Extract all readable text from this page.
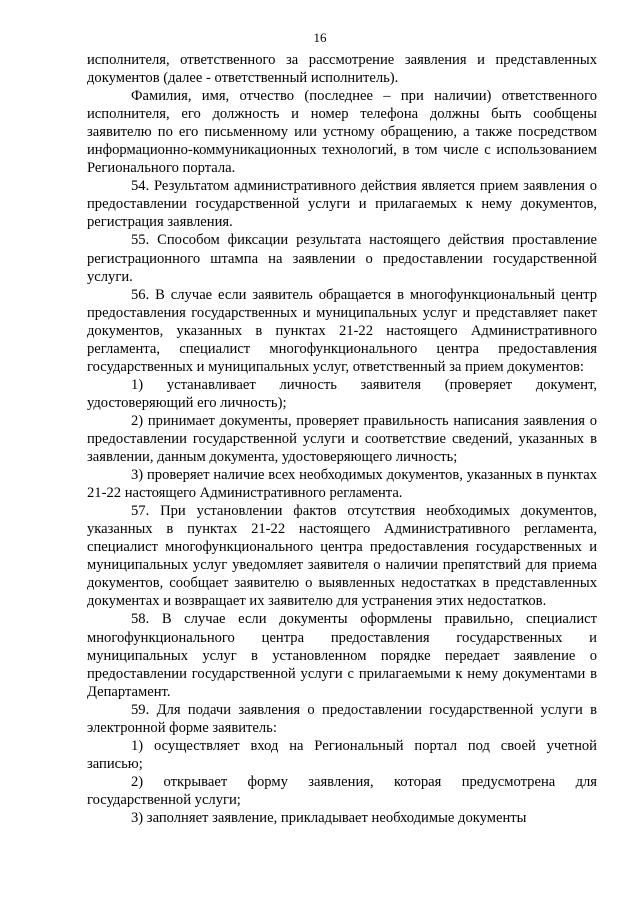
16

исполнителя, ответственного за рассмотрение заявления и представленных документов (далее - ответственный исполнитель).

Фамилия, имя, отчество (последнее – при наличии) ответственного исполнителя, его должность и номер телефона должны быть сообщены заявителю по его письменному или устному обращению, а также посредством информационно-коммуникационных технологий, в том числе с использованием Регионального портала.

54. Результатом административного действия является прием заявления о предоставлении государственной услуги и прилагаемых к нему документов, регистрация заявления.

55. Способом фиксации результата настоящего действия проставление регистрационного штампа на заявлении о предоставлении государственной услуги.

56. В случае если заявитель обращается в многофункциональный центр предоставления государственных и муниципальных услуг и представляет пакет документов, указанных в пунктах 21-22 настоящего Административного регламента, специалист многофункционального центра предоставления государственных и муниципальных услуг, ответственный за прием документов:

1) устанавливает личность заявителя (проверяет документ, удостоверяющий его личность);

2) принимает документы, проверяет правильность написания заявления о предоставлении государственной услуги и соответствие сведений, указанных в заявлении, данным документа, удостоверяющего личность;

3) проверяет наличие всех необходимых документов, указанных в пунктах 21-22 настоящего Административного регламента.

57. При установлении фактов отсутствия необходимых документов, указанных в пунктах 21-22 настоящего Административного регламента, специалист многофункционального центра предоставления государственных и муниципальных услуг уведомляет заявителя о наличии препятствий для приема документов, сообщает заявителю о выявленных недостатках в представленных документах и возвращает их заявителю для устранения этих недостатков.

58. В случае если документы оформлены правильно, специалист многофункционального центра предоставления государственных и муниципальных услуг в установленном порядке передает заявление о предоставлении государственной услуги с прилагаемыми к нему документами в Департамент.

59. Для подачи заявления о предоставлении государственной услуги в электронной форме заявитель:

1) осуществляет вход на Региональный портал под своей учетной записью;

2) открывает форму заявления, которая предусмотрена для государственной услуги;

3) заполняет заявление, прикладывает необходимые документы
